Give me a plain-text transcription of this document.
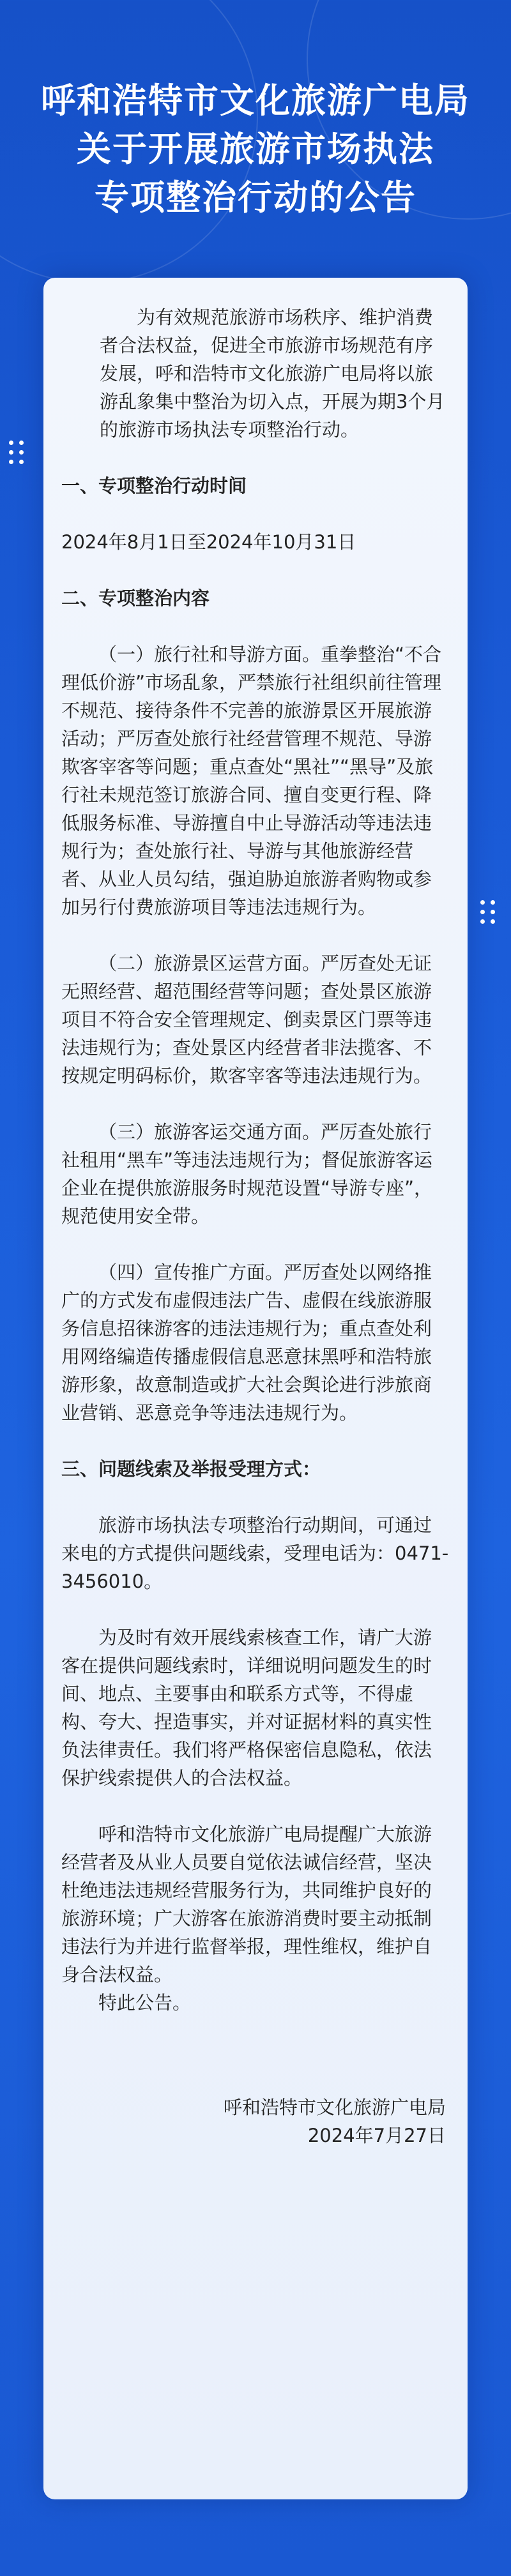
呼和浩特市文化旅游广电局
关于开展旅游市场执法
专项整治行动的公告

为有效规范旅游市场秩序、维护消费者合法权益，促进全市旅游市场规范有序发展，呼和浩特市文化旅游广电局将以旅游乱象集中整治为切入点，开展为期3个月的旅游市场执法专项整治行动。

一、专项整治行动时间

2024年8月1日至2024年10月31日

二、专项整治内容

（一）旅行社和导游方面。重拳整治“不合理低价游”市场乱象，严禁旅行社组织前往管理不规范、接待条件不完善的旅游景区开展旅游活动；严厉查处旅行社经营管理不规范、导游欺客宰客等问题；重点查处“黑社”“黑导”及旅行社未规范签订旅游合同、擅自变更行程、降低服务标准、导游擅自中止导游活动等违法违规行为；查处旅行社、导游与其他旅游经营者、从业人员勾结，强迫胁迫旅游者购物或参加另行付费旅游项目等违法违规行为。

（二）旅游景区运营方面。严厉查处无证无照经营、超范围经营等问题；查处景区旅游项目不符合安全管理规定、倒卖景区门票等违法违规行为；查处景区内经营者非法揽客、不按规定明码标价，欺客宰客等违法违规行为。

（三）旅游客运交通方面。严厉查处旅行社租用“黑车”等违法违规行为；督促旅游客运企业在提供旅游服务时规范设置“导游专座”，规范使用安全带。

（四）宣传推广方面。严厉查处以网络推广的方式发布虚假违法广告、虚假在线旅游服务信息招徕游客的违法违规行为；重点查处利用网络编造传播虚假信息恶意抹黑呼和浩特旅游形象，故意制造或扩大社会舆论进行涉旅商业营销、恶意竞争等违法违规行为。

三、问题线索及举报受理方式：

旅游市场执法专项整治行动期间，可通过来电的方式提供问题线索，受理电话为：0471-3456010。

为及时有效开展线索核查工作，请广大游客在提供问题线索时，详细说明问题发生的时间、地点、主要事由和联系方式等，不得虚构、夸大、捏造事实，并对证据材料的真实性负法律责任。我们将严格保密信息隐私，依法保护线索提供人的合法权益。

呼和浩特市文化旅游广电局提醒广大旅游经营者及从业人员要自觉依法诚信经营，坚决杜绝违法违规经营服务行为，共同维护良好的旅游环境；广大游客在旅游消费时要主动抵制违法行为并进行监督举报，理性维权，维护自身合法权益。

特此公告。

呼和浩特市文化旅游广电局

2024年7月27日
